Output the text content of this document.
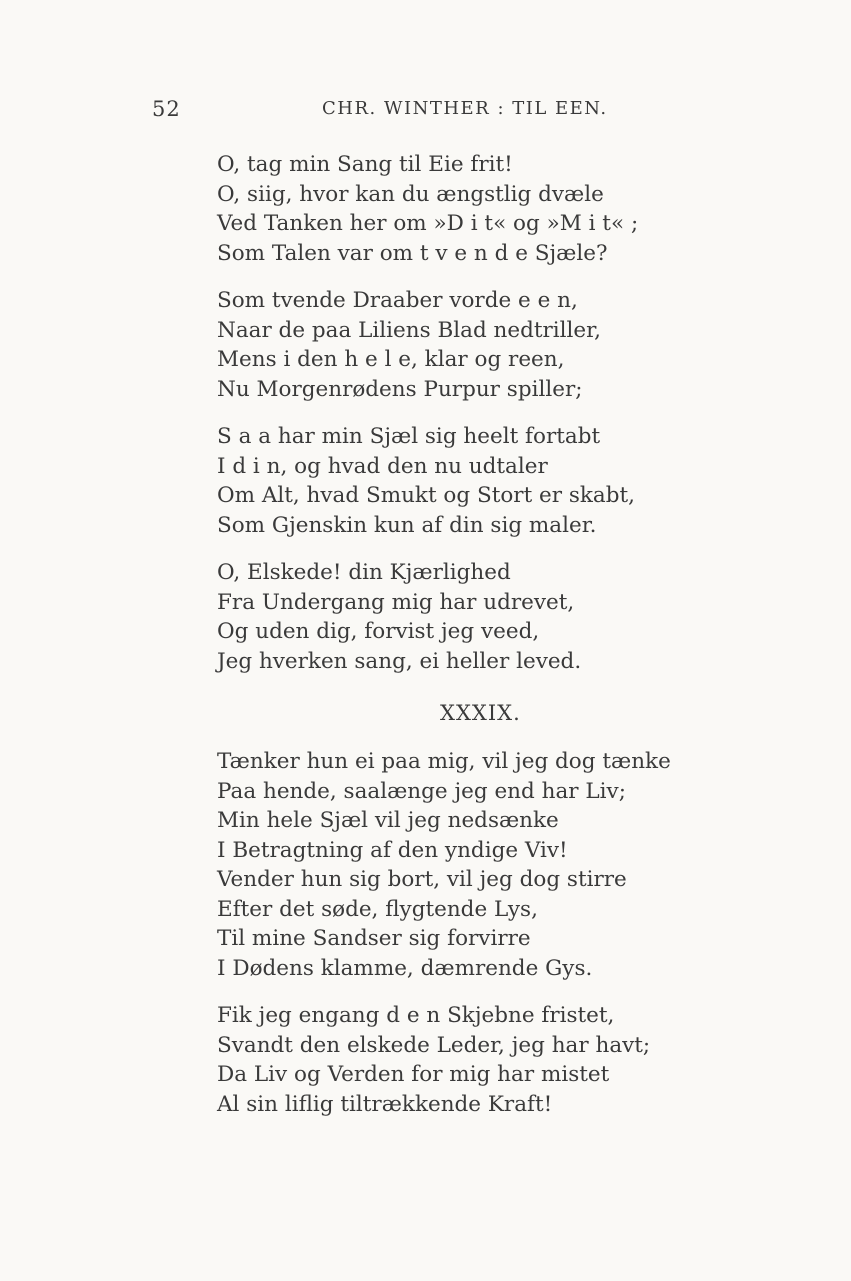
52	CHR. WINTHER : TIL EEN.
O, tag min Sang til Eie frit!
O, siig, hvor kan du ængstlig dvæle
Ved Tanken her om »D i t« og »M i t« ;
Som Talen var om t v e n d e Sjæle?
Som tvende Draaber vorde e e n,
Naar de paa Liliens Blad nedtriller,
Mens i den h e l e, klar og reen,
Nu Morgenrødens Purpur spiller;
S a a har min Sjæl sig heelt fortabt
I d i n, og hvad den nu udtaler
Om Alt, hvad Smukt og Stort er skabt,
Som Gjenskin kun af din sig maler.
O, Elskede! din Kjærlighed
Fra Undergang mig har udrevet,
Og uden dig, forvist jeg veed,
Jeg hverken sang, ei heller leved.
XXXIX.
Tænker hun ei paa mig, vil jeg dog tænke
Paa hende, saalænge jeg end har Liv;
Min hele Sjæl vil jeg nedsænke
I Betragtning af den yndige Viv!
Vender hun sig bort, vil jeg dog stirre
Efter det søde, flygtende Lys,
Til mine Sandser sig forvirre
I Dødens klamme, dæmrende Gys.
Fik jeg engang d e n Skjebne fristet,
Svandt den elskede Leder, jeg har havt;
Da Liv og Verden for mig har mistet
Al sin liflig tiltrækkende Kraft!
